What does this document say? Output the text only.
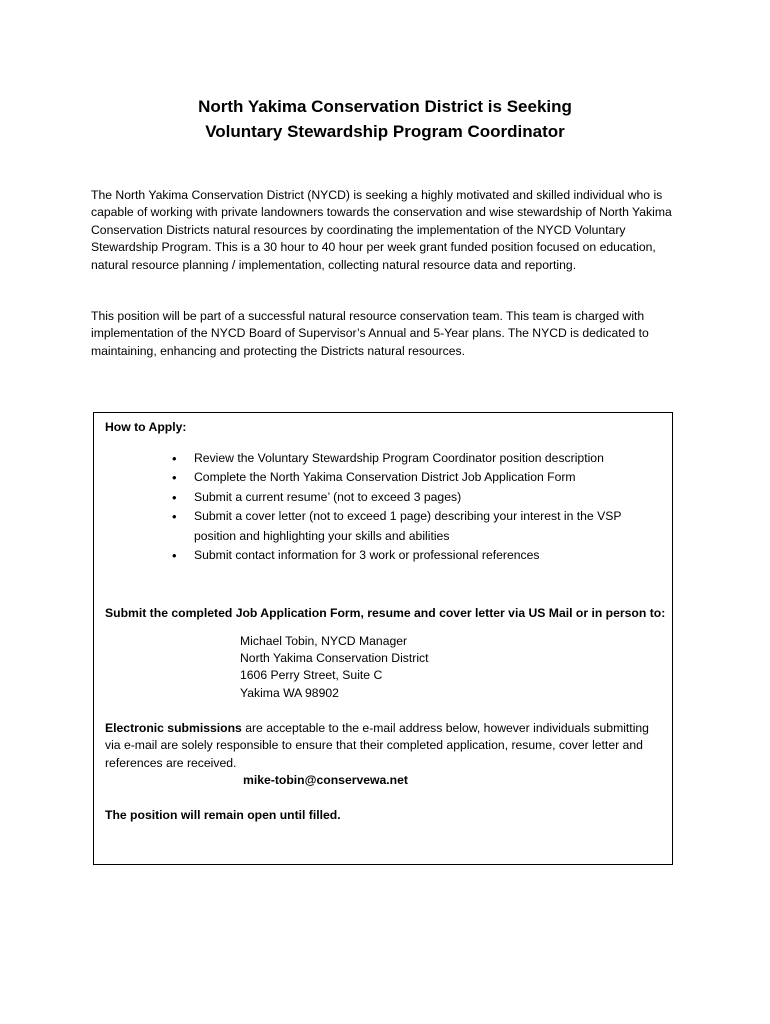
North Yakima Conservation District is Seeking
Voluntary Stewardship Program Coordinator

The North Yakima Conservation District (NYCD) is seeking a highly motivated and skilled individual who is capable of working with private landowners towards the conservation and wise stewardship of North Yakima Conservation Districts natural resources by coordinating the implementation of the NYCD Voluntary Stewardship Program. This is a 30 hour to 40 hour per week grant funded position focused on education, natural resource planning / implementation, collecting natural resource data and reporting.

This position will be part of a successful natural resource conservation team. This team is charged with implementation of the NYCD Board of Supervisor’s Annual and 5-Year plans. The NYCD is dedicated to maintaining, enhancing and protecting the Districts natural resources.

How to Apply:
• Review the Voluntary Stewardship Program Coordinator position description
• Complete the North Yakima Conservation District Job Application Form
• Submit a current resume’ (not to exceed 3 pages)
• Submit a cover letter (not to exceed 1 page) describing your interest in the VSP position and highlighting your skills and abilities
• Submit contact information for 3 work or professional references
Submit the completed Job Application Form, resume and cover letter via US Mail or in person to:
Michael Tobin, NYCD Manager
North Yakima Conservation District
1606 Perry Street, Suite C
Yakima WA 98902

Electronic submissions are acceptable to the e-mail address below, however individuals submitting via e-mail are solely responsible to ensure that their completed application, resume, cover letter and references are received.

mike-tobin@conservewa.net
The position will remain open until filled.
